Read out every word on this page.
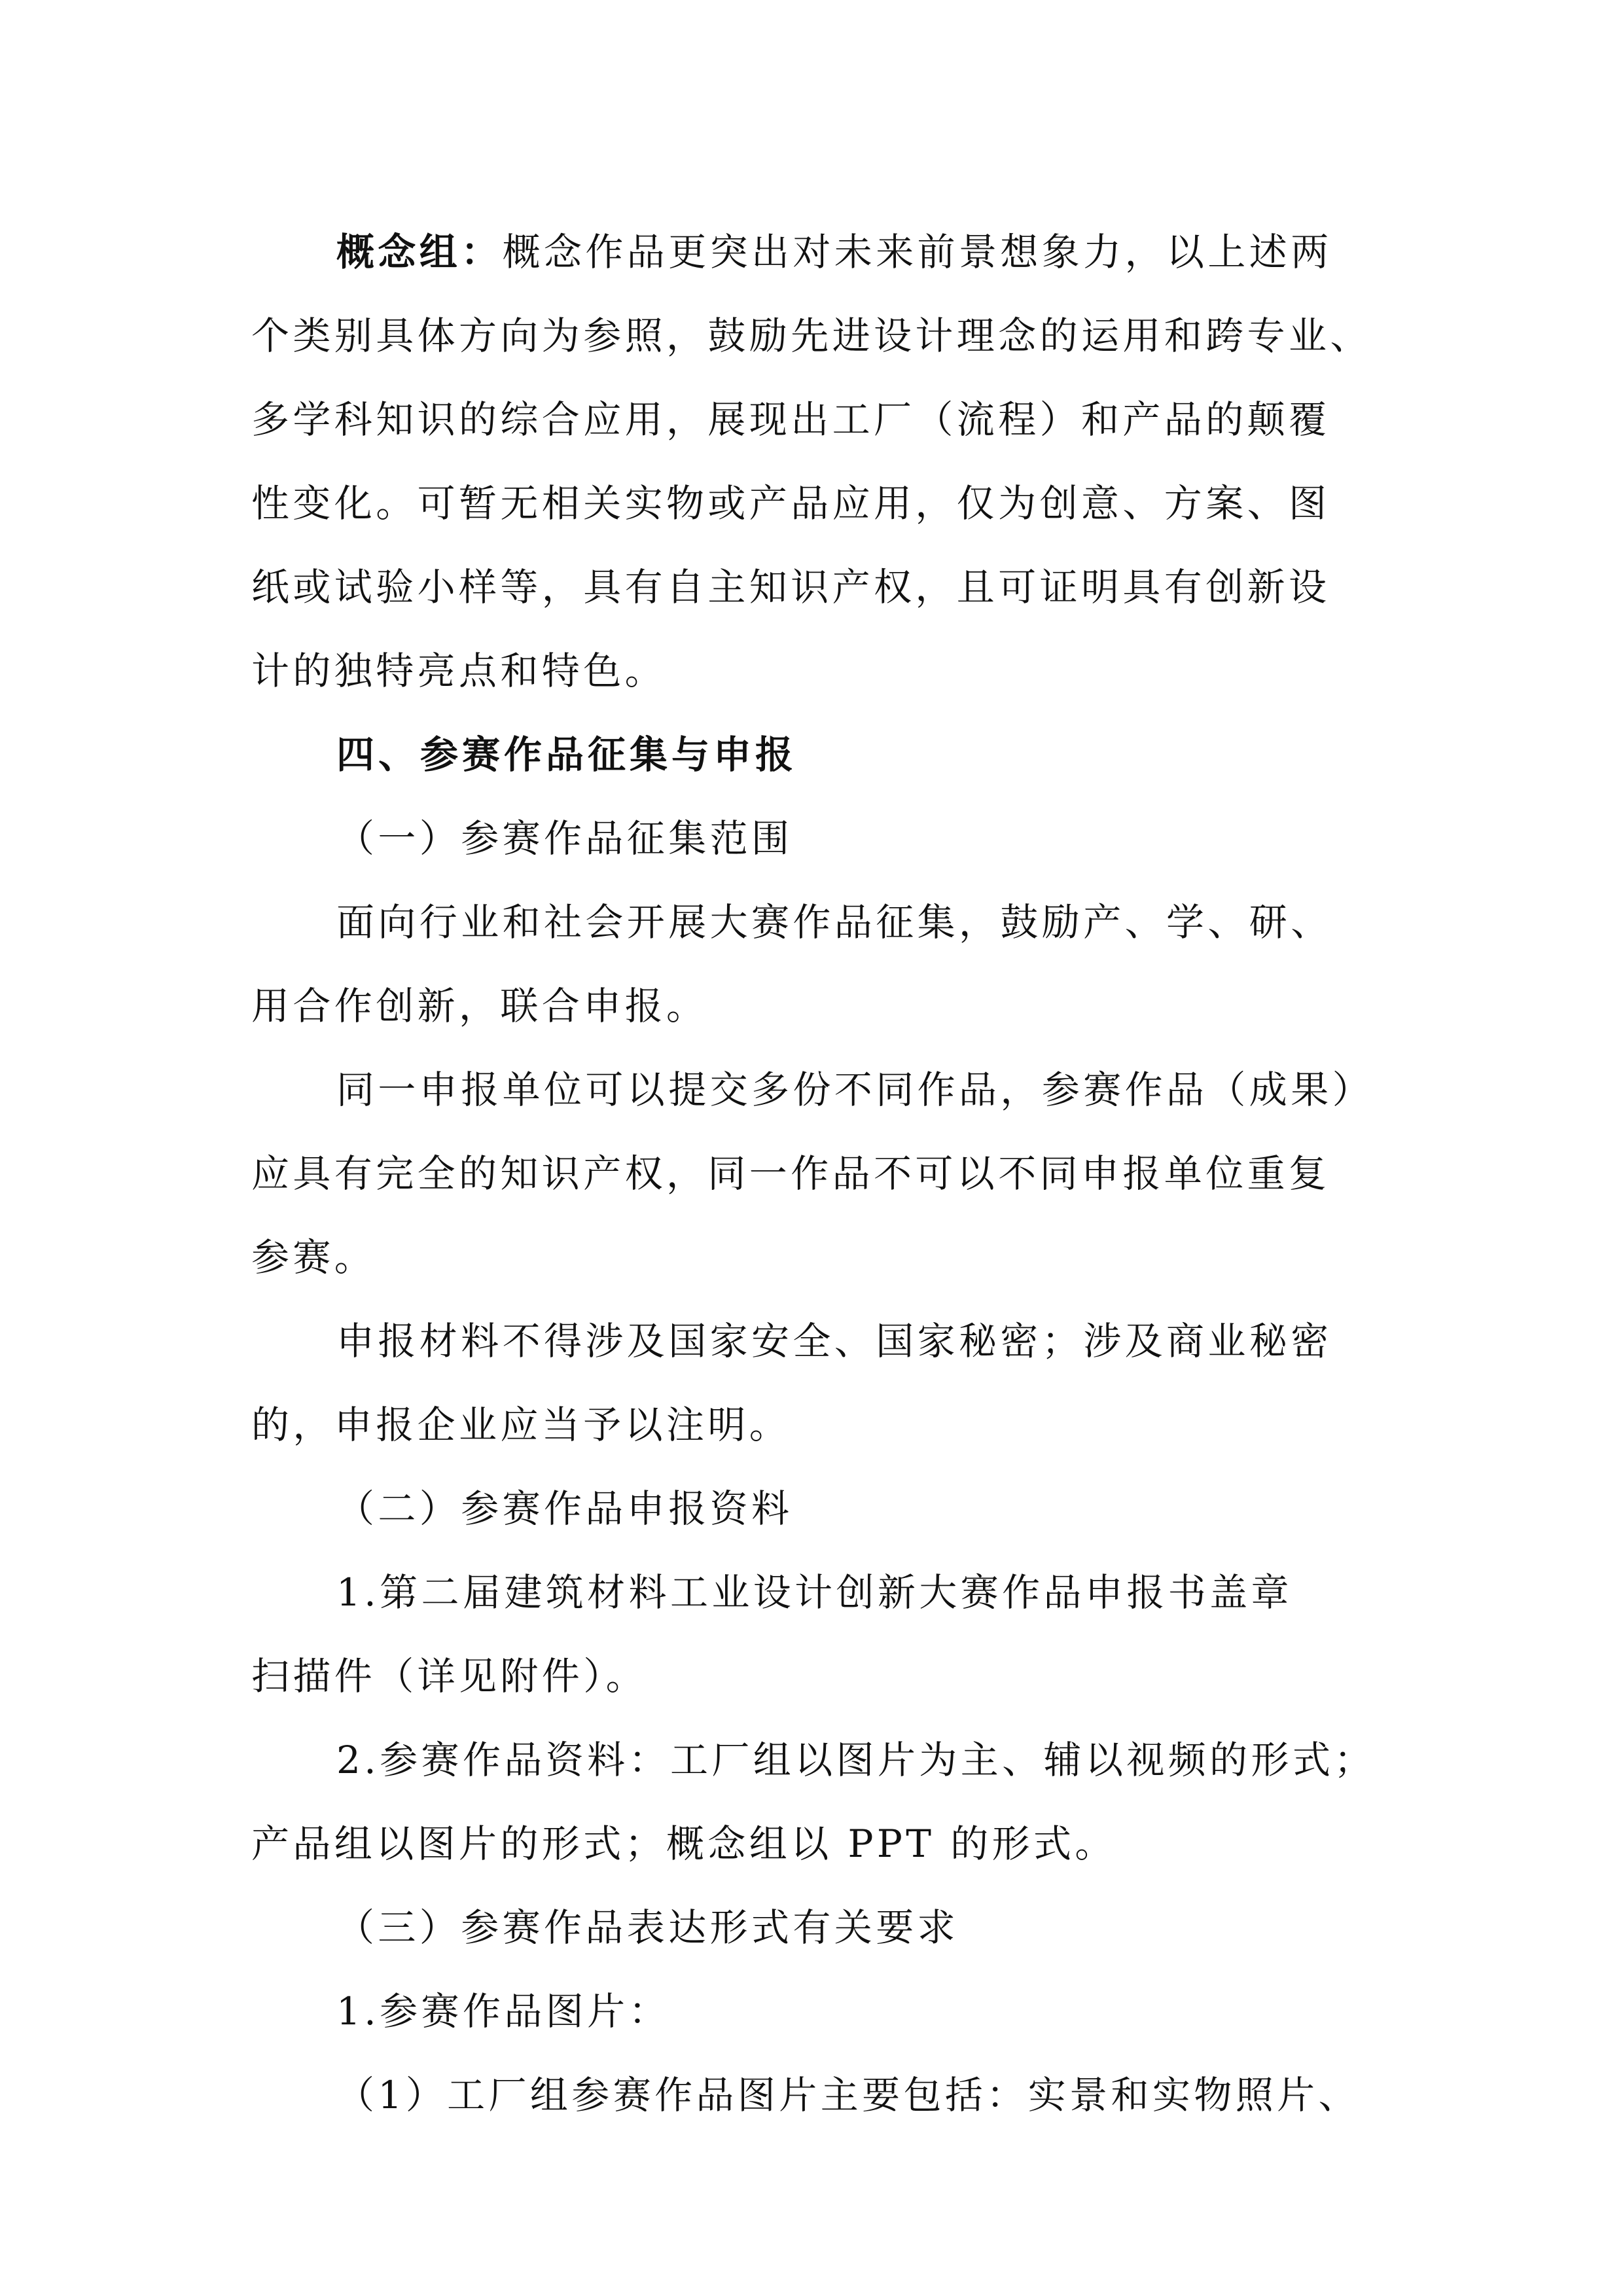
概念组：概念作品更突出对未来前景想象力，以上述两
个类别具体方向为参照，鼓励先进设计理念的运用和跨专业、
多学科知识的综合应用，展现出工厂（流程）和产品的颠覆
性变化。可暂无相关实物或产品应用，仅为创意、方案、图
纸或试验小样等，具有自主知识产权，且可证明具有创新设
计的独特亮点和特色。
四、参赛作品征集与申报
（一）参赛作品征集范围
面向行业和社会开展大赛作品征集，鼓励产、学、研、
用合作创新，联合申报。
同一申报单位可以提交多份不同作品，参赛作品（成果）
应具有完全的知识产权，同一作品不可以不同申报单位重复
参赛。
申报材料不得涉及国家安全、国家秘密；涉及商业秘密
的，申报企业应当予以注明。
（二）参赛作品申报资料
1.第二届建筑材料工业设计创新大赛作品申报书盖章
扫描件（详见附件）。
2.参赛作品资料：工厂组以图片为主、辅以视频的形式；
产品组以图片的形式；概念组以 PPT 的形式。
（三）参赛作品表达形式有关要求
1.参赛作品图片：
（1）工厂组参赛作品图片主要包括：实景和实物照片、
